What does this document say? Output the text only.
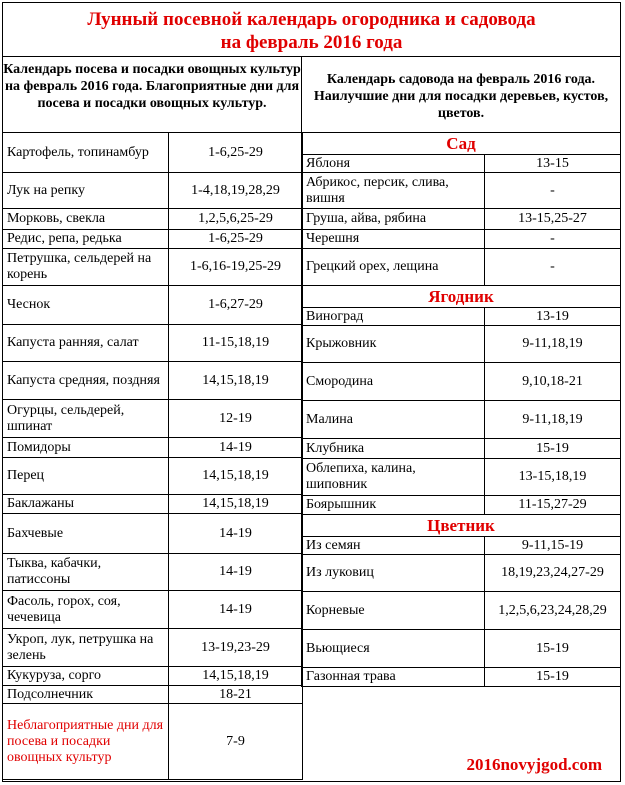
Лунный посевной календарь огородника и садовода
на февраль 2016 года
Календарь посева и посадки овощных культур на февраль 2016 года. Благоприятные дни для посева и посадки овощных культур.
Календарь садовода на февраль 2016 года. Наилучшие дни для посадки деревьев, кустов, цветов.
Картофель, топинамбур	1-6,25-29
Лук на репку	1-4,18,19,28,29
Морковь, свекла	1,2,5,6,25-29
Редис, репа, редька	1-6,25-29
Петрушка, сельдерей на корень	1-6,16-19,25-29
Чеснок	1-6,27-29
Капуста ранняя, салат	11-15,18,19
Капуста средняя, поздняя	14,15,18,19
Огурцы, сельдерей, шпинат	12-19
Помидоры	14-19
Перец	14,15,18,19
Баклажаны	14,15,18,19
Бахчевые	14-19
Тыква, кабачки, патиссоны	14-19
Фасоль, горох, соя, чечевица	14-19
Укроп, лук, петрушка на зелень	13-19,23-29
Кукуруза, сорго	14,15,18,19
Подсолнечник	18-21
Неблагоприятные дни для посева и посадки овощных культур	7-9
Сад	
Яблоня	13-15
Абрикос, персик, слива, вишня	-
Груша, айва, рябина	13-15,25-27
Черешня	-
Грецкий орех, лещина	-
Ягодник	
Виноград	13-19
Крыжовник	9-11,18,19
Смородина	9,10,18-21
Малина	9-11,18,19
Клубника	15-19
Облепиха, калина, шиповник	13-15,18,19
Боярышник	11-15,27-29
Цветник	
Из семян	9-11,15-19
Из луковиц	18,19,23,24,27-29
Корневые	1,2,5,6,23,24,28,29
Вьющиеся	15-19
Газонная трава	15-19
2016novyjgod.com
